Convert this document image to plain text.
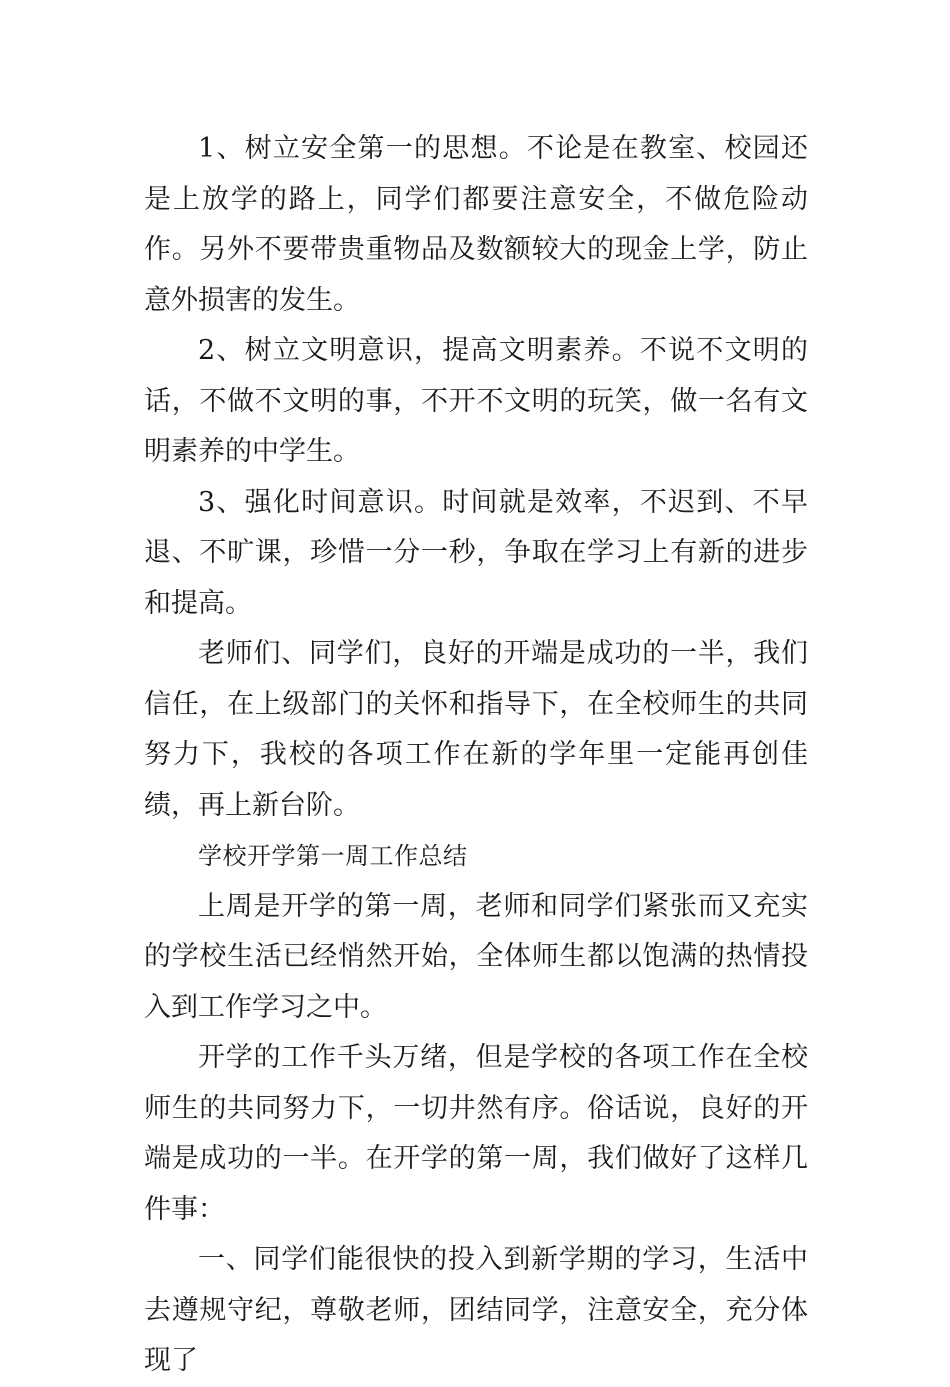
1、树立安全第一的思想。不论是在教室、校园还是上放学的路上，同学们都要注意安全，不做危险动作。另外不要带贵重物品及数额较大的现金上学，防止意外损害的发生。

2、树立文明意识，提高文明素养。不说不文明的话，不做不文明的事，不开不文明的玩笑，做一名有文明素养的中学生。

3、强化时间意识。时间就是效率，不迟到、不早退、不旷课，珍惜一分一秒，争取在学习上有新的进步和提高。

老师们、同学们，良好的开端是成功的一半，我们信任，在上级部门的关怀和指导下，在全校师生的共同努力下，我校的各项工作在新的学年里一定能再创佳绩，再上新台阶。

学校开学第一周工作总结

上周是开学的第一周，老师和同学们紧张而又充实的学校生活已经悄然开始，全体师生都以饱满的热情投入到工作学习之中。

开学的工作千头万绪，但是学校的各项工作在全校师生的共同努力下，一切井然有序。俗话说，良好的开端是成功的一半。在开学的第一周，我们做好了这样几件事：

一、同学们能很快的投入到新学期的学习，生活中去遵规守纪，尊敬老师，团结同学，注意安全，充分体现了
